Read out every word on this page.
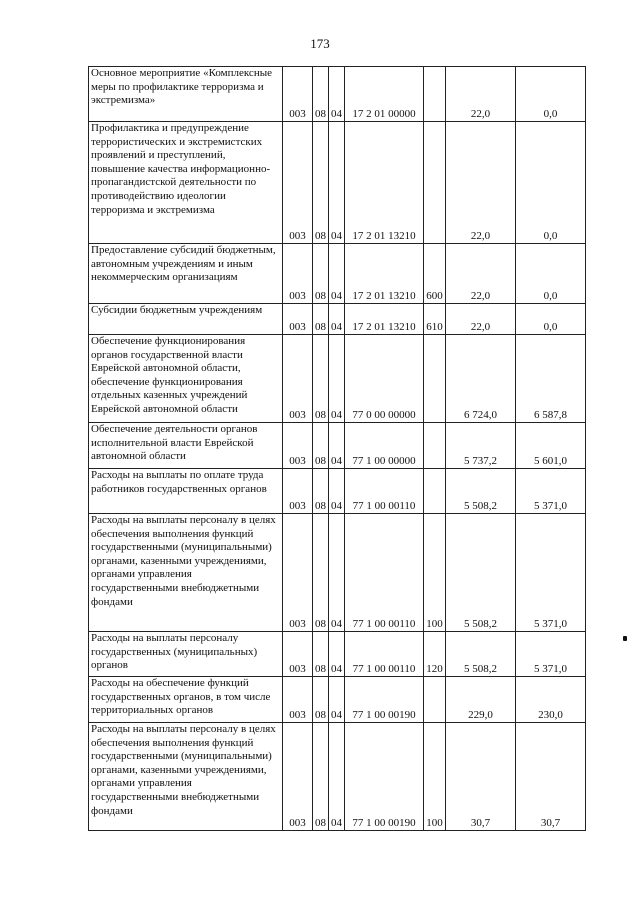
173
Основное мероприятие «Комплексные меры по профилактике терроризма и экстремизма»	003	08	04	17 2 01 00000		22,0	0,0
Профилактика и предупреждение террористических и экстремистских проявлений и преступлений, повышение качества информационно-пропагандистской деятельности по противодействию идеологии терроризма и экстремизма	003	08	04	17 2 01 13210		22,0	0,0
Предоставление субсидий бюджетным, автономным учреждениям и иным некоммерческим организациям	003	08	04	17 2 01 13210	600	22,0	0,0
Субсидии бюджетным учреждениям	003	08	04	17 2 01 13210	610	22,0	0,0
Обеспечение функционирования органов государственной власти Еврейской автономной области, обеспечение функционирования отдельных казенных учреждений Еврейской автономной области	003	08	04	77 0 00 00000		6 724,0	6 587,8
Обеспечение деятельности органов исполнительной власти Еврейской автономной области	003	08	04	77 1 00 00000		5 737,2	5 601,0
Расходы на выплаты по оплате труда работников государственных органов	003	08	04	77 1 00 00110		5 508,2	5 371,0
Расходы на выплаты персоналу в целях обеспечения выполнения функций государственными (муниципальными) органами, казенными учреждениями, органами управления государственными внебюджетными фондами	003	08	04	77 1 00 00110	100	5 508,2	5 371,0
Расходы на выплаты персоналу государственных (муниципальных) органов	003	08	04	77 1 00 00110	120	5 508,2	5 371,0
Расходы на обеспечение функций государственных органов, в том числе территориальных органов	003	08	04	77 1 00 00190		229,0	230,0
Расходы на выплаты персоналу в целях обеспечения выполнения функций государственными (муниципальными) органами, казенными учреждениями, органами управления государственными внебюджетными фондами	003	08	04	77 1 00 00190	100	30,7	30,7
